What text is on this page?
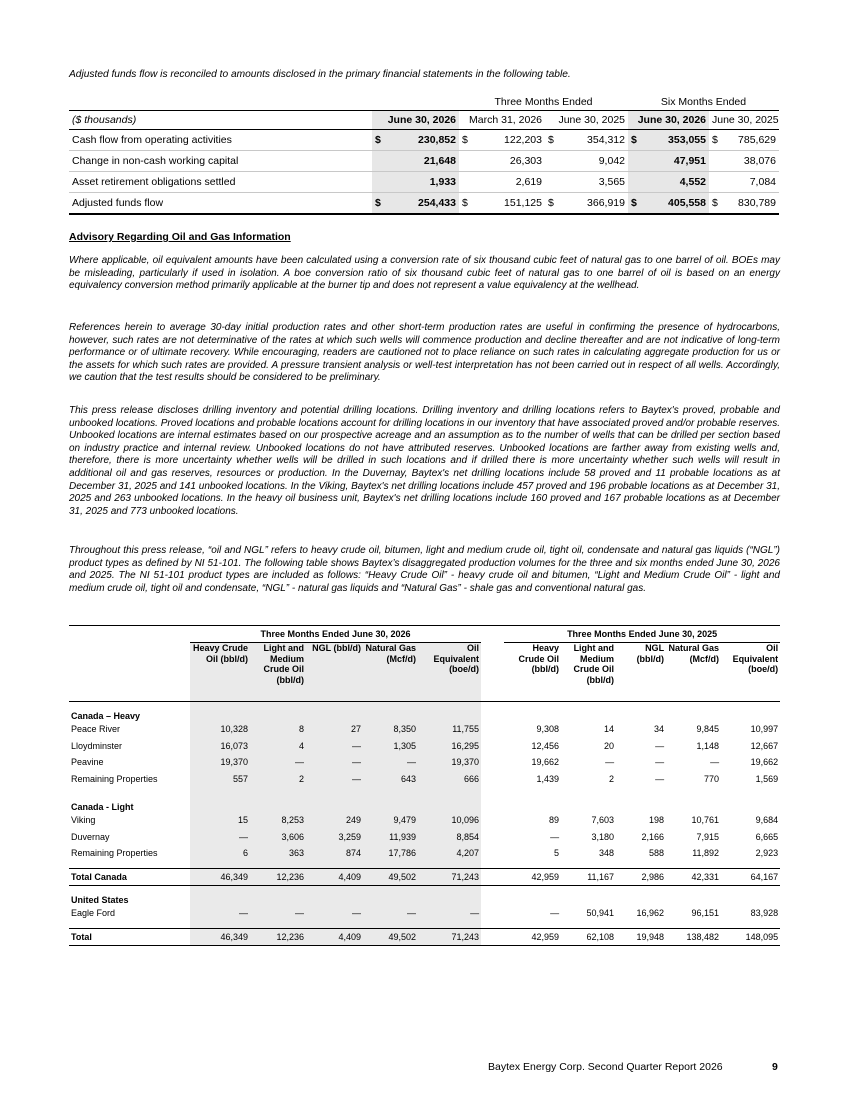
Adjusted funds flow is reconciled to amounts disclosed in the primary financial statements in the following table.
		Three Months Ended		Six Months Ended	
($ thousands)	June 30, 2026	March 31, 2026	June 30, 2025	June 30, 2026	June 30, 2025
Cash flow from operating activities	$ 230,852	$ 122,203	$ 354,312	$ 353,055	$ 785,629
Change in non-cash working capital	21,648	26,303	9,042	47,951	38,076
Asset retirement obligations settled	1,933	2,619	3,565	4,552	7,084
Adjusted funds flow	$ 254,433	$ 151,125	$ 366,919	$ 405,558	$ 830,789
Advisory Regarding Oil and Gas Information

Where applicable, oil equivalent amounts have been calculated using a conversion rate of six thousand cubic feet of natural gas to one barrel of oil. BOEs may be misleading, particularly if used in isolation. A boe conversion ratio of six thousand cubic feet of natural gas to one barrel of oil is based on an energy equivalency conversion method primarily applicable at the burner tip and does not represent a value equivalency at the wellhead.

References herein to average 30-day initial production rates and other short-term production rates are useful in confirming the presence of hydrocarbons, however, such rates are not determinative of the rates at which such wells will commence production and decline thereafter and are not indicative of long-term performance or of ultimate recovery. While encouraging, readers are cautioned not to place reliance on such rates in calculating aggregate production for us or the assets for which such rates are provided. A pressure transient analysis or well-test interpretation has not been carried out in respect of all wells. Accordingly, we caution that the test results should be considered to be preliminary.

This press release discloses drilling inventory and potential drilling locations. Drilling inventory and drilling locations refers to Baytex's proved, probable and unbooked locations. Proved locations and probable locations account for drilling locations in our inventory that have associated proved and/or probable reserves. Unbooked locations are internal estimates based on our prospective acreage and an assumption as to the number of wells that can be drilled per section based on industry practice and internal review. Unbooked locations do not have attributed reserves. Unbooked locations are farther away from existing wells and, therefore, there is more uncertainty whether wells will be drilled in such locations and if drilled there is more uncertainty whether such wells will result in additional oil and gas reserves, resources or production. In the Duvernay, Baytex's net drilling locations include 58 proved and 11 probable locations as at December 31, 2025 and 141 unbooked locations. In the Viking, Baytex's net drilling locations include 457 proved and 196 probable locations as at December 31, 2025 and 263 unbooked locations. In the heavy oil business unit, Baytex's net drilling locations include 160 proved and 167 probable locations as at December 31, 2025 and 773 unbooked locations.

Throughout this press release, “oil and NGL” refers to heavy crude oil, bitumen, light and medium crude oil, tight oil, condensate and natural gas liquids (“NGL”) product types as defined by NI 51-101. The following table shows Baytex’s disaggregated production volumes for the three and six months ended June 30, 2026 and 2025. The NI 51-101 product types are included as follows: “Heavy Crude Oil” - heavy crude oil and bitumen, “Light and Medium Crude Oil” - light and medium crude oil, tight oil and condensate, “NGL” - natural gas liquids and “Natural Gas” - shale gas and conventional natural gas.

	Three Months Ended June 30, 2026						Three Months Ended June 30, 2025				
	Heavy Crude Oil (bbl/d)	Light and Medium Crude Oil (bbl/d)	NGL (bbl/d)	Natural Gas (Mcf/d)	Oil Equivalent (boe/d)		Heavy Crude Oil (bbl/d)	Light and Medium Crude Oil (bbl/d)	NGL (bbl/d)	Natural Gas (Mcf/d)	Oil Equivalent (boe/d)
Canada – Heavy											
Peace River	10,328	8	27	8,350	11,755		9,308	14	34	9,845	10,997
Lloydminster	16,073	4	—	1,305	16,295		12,456	20	—	1,148	12,667
Peavine	19,370	—	—	—	19,370		19,662	—	—	—	19,662
Remaining Properties	557	2	—	643	666		1,439	2	—	770	1,569

Canada - Light											
Viking	15	8,253	249	9,479	10,096		89	7,603	198	10,761	9,684
Duvernay	—	3,606	3,259	11,939	8,854		—	3,180	2,166	7,915	6,665
Remaining Properties	6	363	874	17,786	4,207		5	348	588	11,892	2,923

Total Canada	46,349	12,236	4,409	49,502	71,243		42,959	11,167	2,986	42,331	64,167
United States											
Eagle Ford	—	—	—	—	—		—	50,941	16,962	96,151	83,928

Total	46,349	12,236	4,409	49,502	71,243		42,959	62,108	19,948	138,482	148,095
Baytex Energy Corp. Second Quarter Report 2026	9
